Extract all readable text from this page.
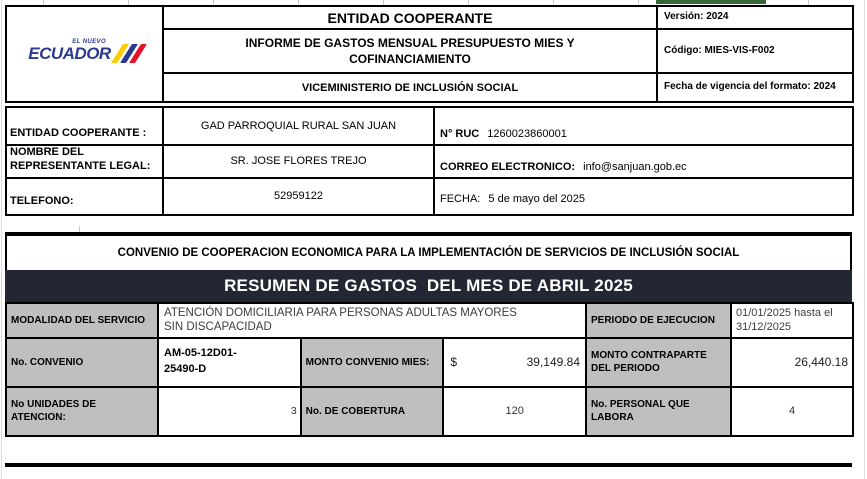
EL NUEVO
ECUADOR	ENTIDAD COOPERANTE	Versión: 2024
	INFORME DE GASTOS MENSUAL PRESUPUESTO MIES Y COFINANCIAMIENTO	Código: MIES-VIS-F002
	VICEMINISTERIO DE INCLUSIÓN SOCIAL	Fecha de vigencia del formato: 2024
ENTIDAD COOPERANTE :	GAD PARROQUIAL RURAL SAN JUAN	N° RUC 1260023860001
NOMBRE DEL REPRESENTANTE LEGAL:	SR. JOSE FLORES TREJO	CORREO ELECTRONICO: info@sanjuan.gob.ec
TELEFONO:	52959122	FECHA: 5 de mayo del 2025
CONVENIO DE COOPERACION ECONOMICA PARA LA IMPLEMENTACIÓN DE SERVICIOS DE INCLUSIÓN SOCIAL
RESUMEN DE GASTOS  DEL MES DE ABRIL 2025
MODALIDAD DEL SERVICIO	ATENCIÓN DOMICILIARIA PARA PERSONAS ADULTAS MAYORES SIN DISCAPACIDAD			PERIODO DE EJECUCION	01/01/2025 hasta el 31/12/2025
No. CONVENIO	AM-05-12D01-25490-D	MONTO CONVENIO MIES:	$ 39,149.84	MONTO CONTRAPARTE DEL PERIODO	26,440.18
No UNIDADES DE ATENCION:	3	No. DE COBERTURA	120	No. PERSONAL QUE LABORA	4
